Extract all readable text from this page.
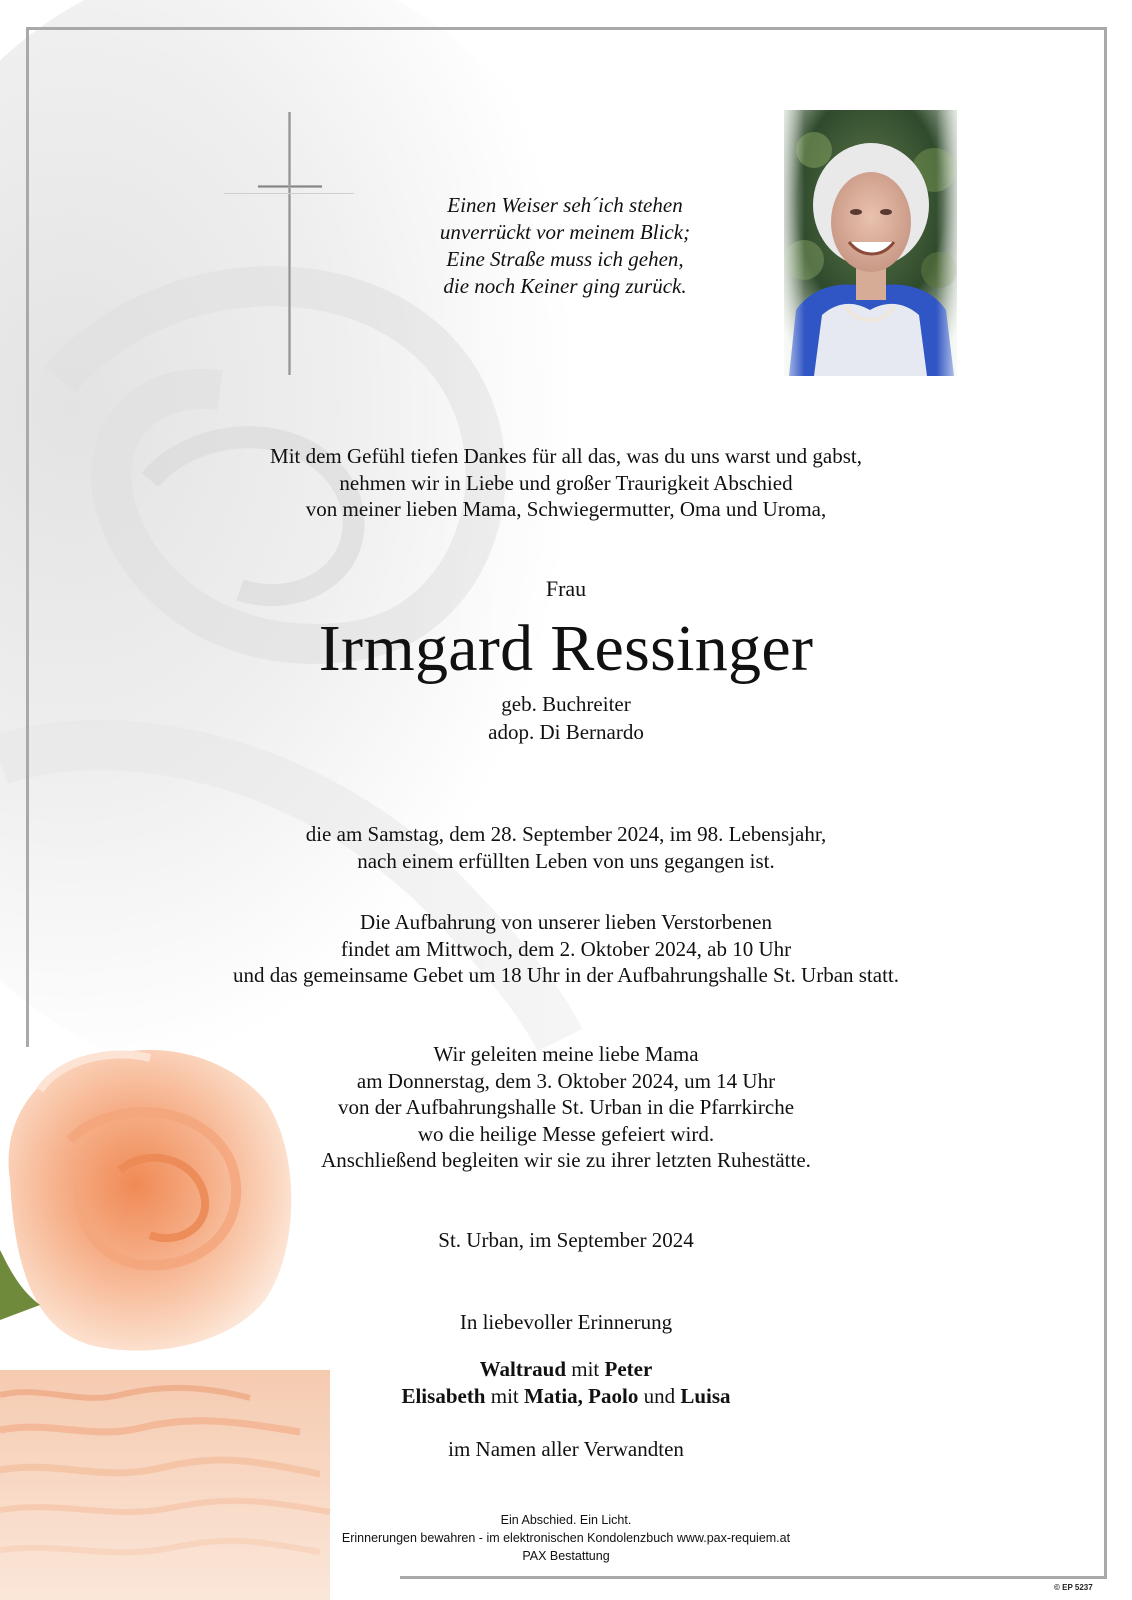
Einen Weiser seh´ich stehen
unverrückt vor meinem Blick;
Eine Straße muss ich gehen,
die noch Keiner ging zurück.
Mit dem Gefühl tiefen Dankes für all das, was du uns warst und gabst,
nehmen wir in Liebe und großer Traurigkeit Abschied
von meiner lieben Mama, Schwiegermutter, Oma und Uroma,
Frau
Irmgard Ressinger
geb. Buchreiter
adop. Di Bernardo
die am Samstag, dem 28. September 2024, im 98. Lebensjahr,
nach einem erfüllten Leben von uns gegangen ist.
Die Aufbahrung von unserer lieben Verstorbenen
findet am Mittwoch, dem 2. Oktober 2024, ab 10 Uhr
und das gemeinsame Gebet um 18 Uhr in der Aufbahrungshalle St. Urban statt.
Wir geleiten meine liebe Mama
am Donnerstag, dem 3. Oktober 2024, um 14 Uhr
von der Aufbahrungshalle St. Urban in die Pfarrkirche
wo die heilige Messe gefeiert wird.
Anschließend begleiten wir sie zu ihrer letzten Ruhestätte.
St. Urban, im September 2024
In liebevoller Erinnerung
Waltraud mit Peter
Elisabeth mit Matia, Paolo und Luisa
im Namen aller Verwandten
Ein Abschied. Ein Licht.
Erinnerungen bewahren - im elektronischen Kondolenzbuch www.pax-requiem.at
PAX Bestattung
© EP 5237
